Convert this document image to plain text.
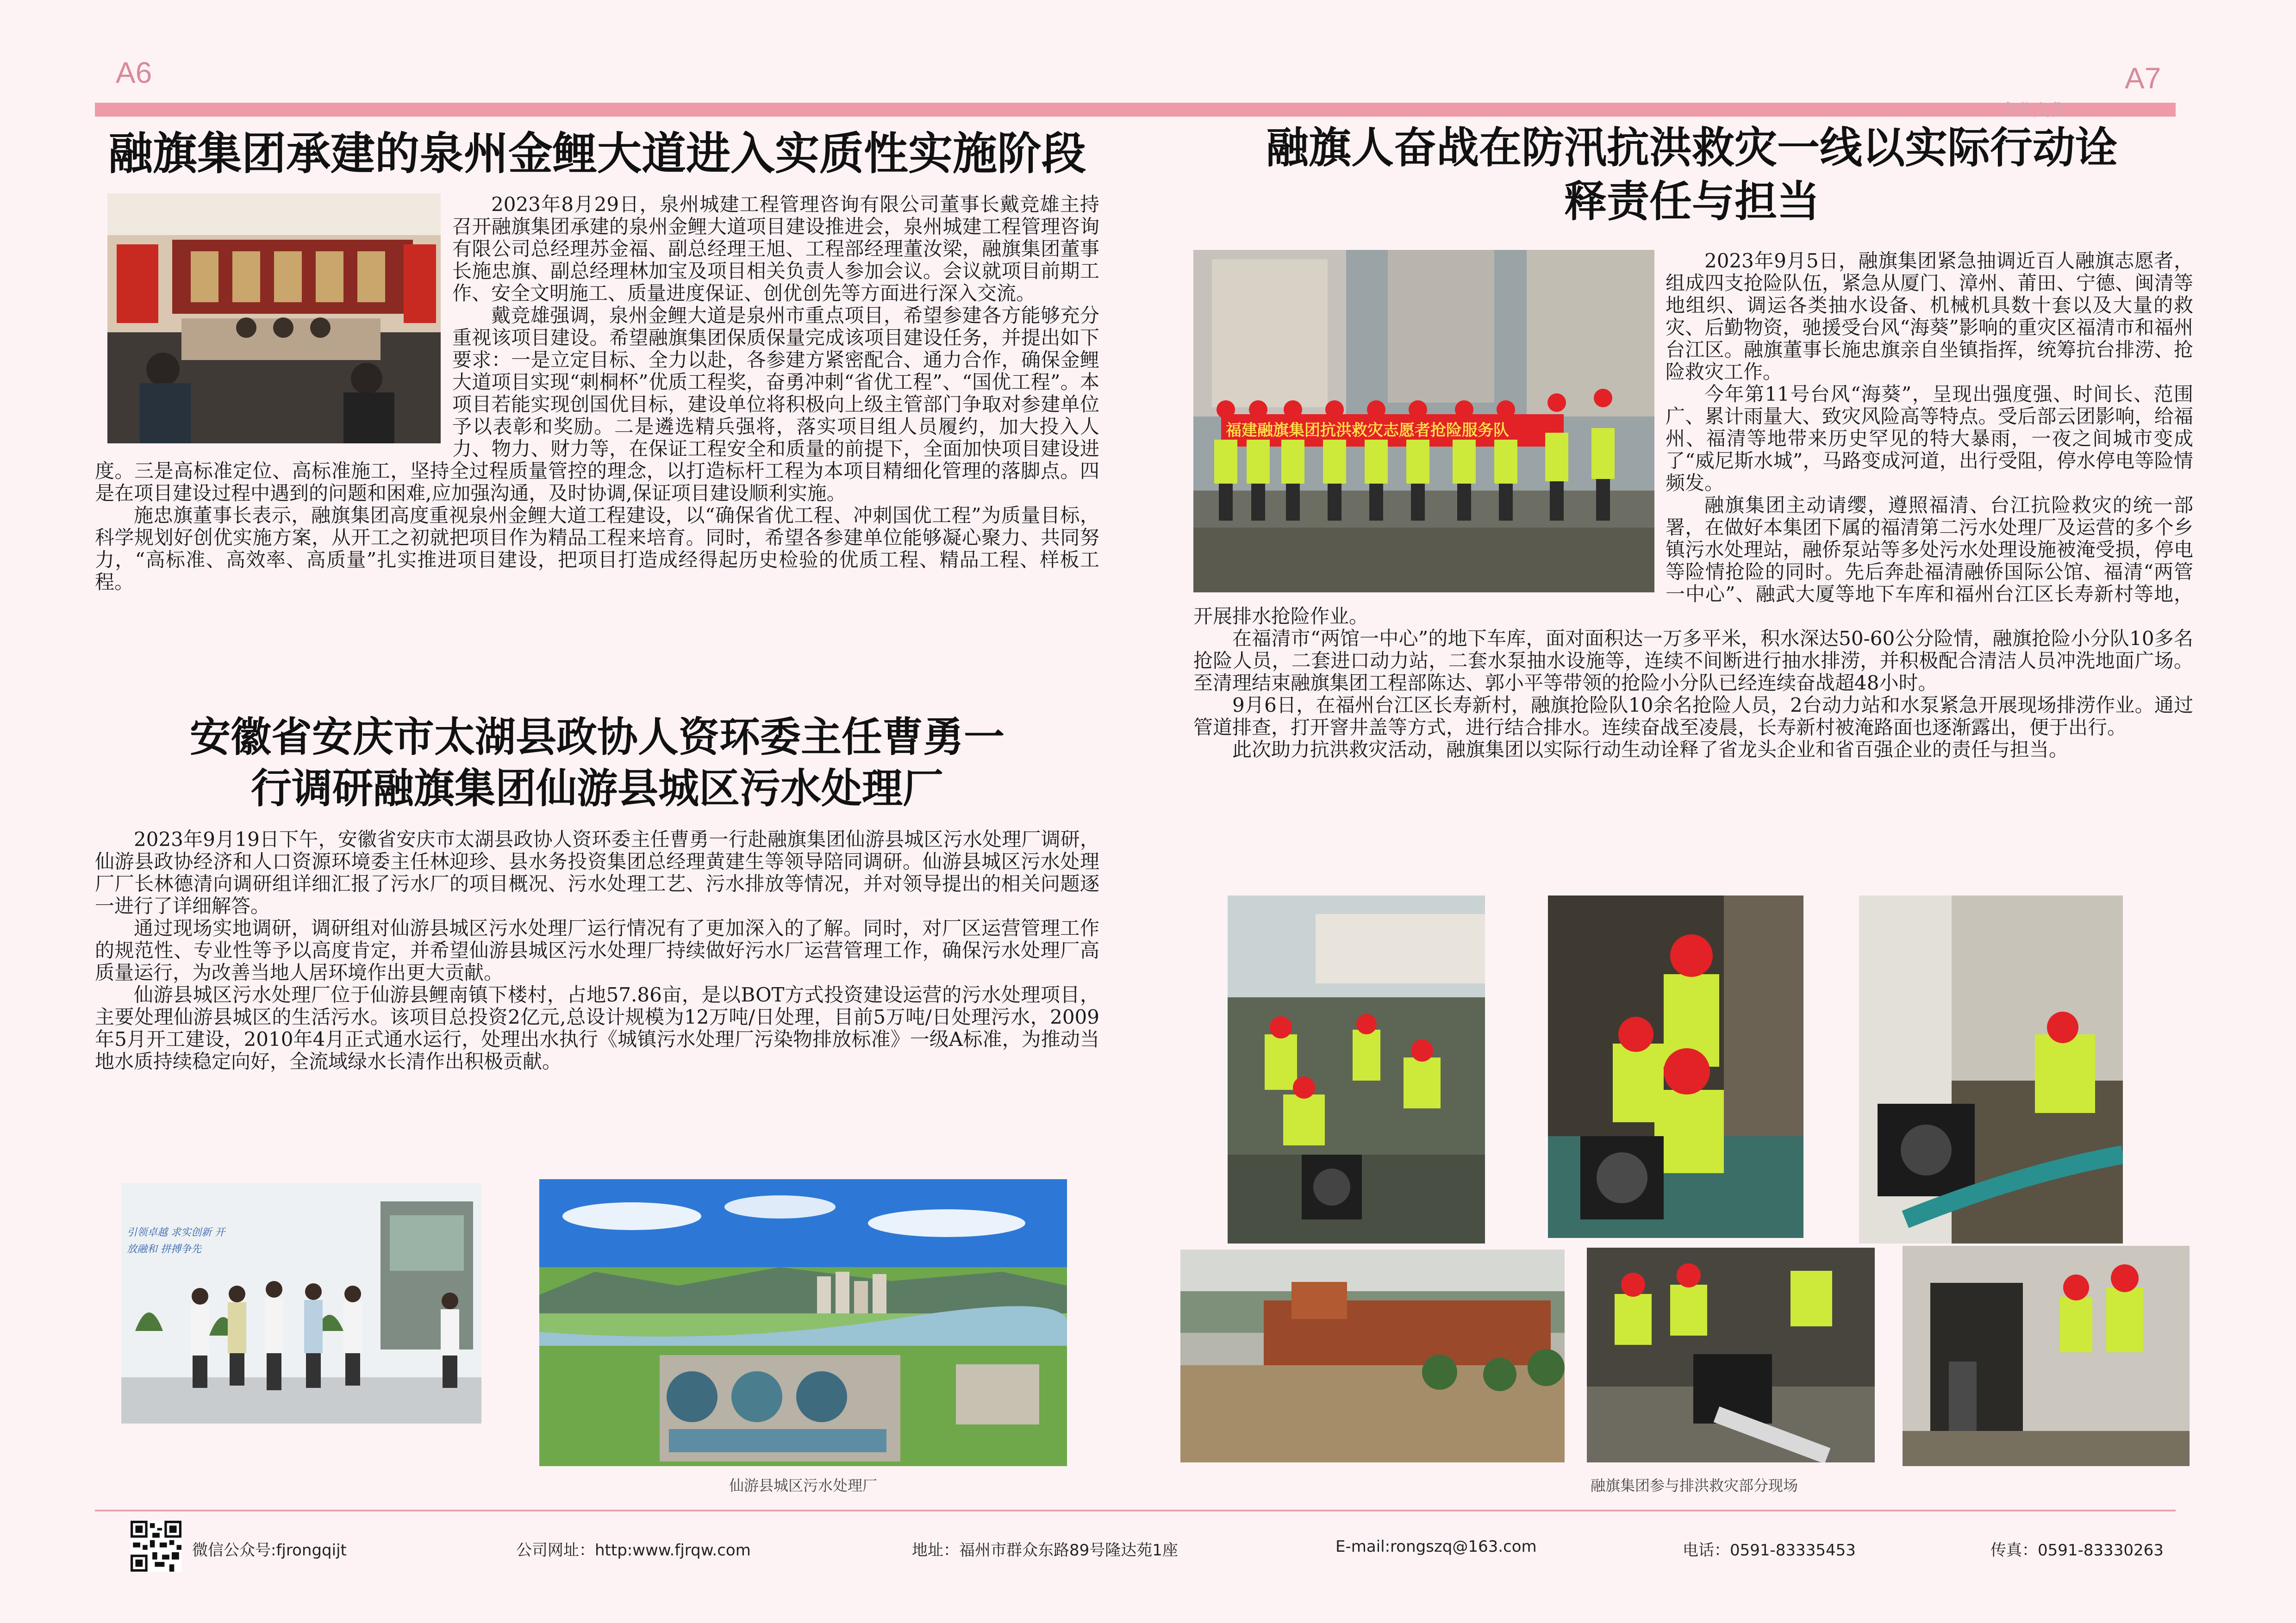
A6	A7
企业文化
融旗集团承建的泉州金鲤大道进入实质性实施阶段

2023年8月29日，泉州城建工程管理咨询有限公司董事长戴竞雄主持召开融旗集团承建的泉州金鲤大道项目建设推进会，泉州城建工程管理咨询有限公司总经理苏金福、副总经理王旭、工程部经理董汝梁，融旗集团董事长施忠旗、副总经理林加宝及项目相关负责人参加会议。会议就项目前期工作、安全文明施工、质量进度保证、创优创先等方面进行深入交流。

戴竞雄强调，泉州金鲤大道是泉州市重点项目，希望参建各方能够充分重视该项目建设。希望融旗集团保质保量完成该项目建设任务，并提出如下要求：一是立定目标、全力以赴，各参建方紧密配合、通力合作，确保金鲤大道项目实现“刺桐杯”优质工程奖，奋勇冲刺“省优工程”、“国优工程”。本项目若能实现创国优目标，建设单位将积极向上级主管部门争取对参建单位予以表彰和奖励。二是遴选精兵强将，落实项目组人员履约，加大投入人力、物力、财力等，在保证工程安全和质量的前提下，全面加快项目建设进度。三是高标准定位、高标准施工，坚持全过程质量管控的理念，以打造标杆工程为本项目精细化管理的落脚点。四是在项目建设过程中遇到的问题和困难,应加强沟通，及时协调,保证项目建设顺利实施。

施忠旗董事长表示，融旗集团高度重视泉州金鲤大道工程建设，以“确保省优工程、冲刺国优工程”为质量目标，科学规划好创优实施方案，从开工之初就把项目作为精品工程来培育。同时，希望各参建单位能够凝心聚力、共同努力，“高标准、高效率、高质量”扎实推进项目建设，把项目打造成经得起历史检验的优质工程、精品工程、样板工程。

安徽省安庆市太湖县政协人资环委主任曹勇一
行调研融旗集团仙游县城区污水处理厂

2023年9月19日下午，安徽省安庆市太湖县政协人资环委主任曹勇一行赴融旗集团仙游县城区污水处理厂调研，仙游县政协经济和人口资源环境委主任林迎珍、县水务投资集团总经理黄建生等领导陪同调研。仙游县城区污水处理厂厂长林德清向调研组详细汇报了污水厂的项目概况、污水处理工艺、污水排放等情况，并对领导提出的相关问题逐一进行了详细解答。

通过现场实地调研，调研组对仙游县城区污水处理厂运行情况有了更加深入的了解。同时，对厂区运营管理工作的规范性、专业性等予以高度肯定，并希望仙游县城区污水处理厂持续做好污水厂运营管理工作，确保污水处理厂高质量运行，为改善当地人居环境作出更大贡献。

仙游县城区污水处理厂位于仙游县鲤南镇下楼村，占地57.86亩，是以BOT方式投资建设运营的污水处理项目，主要处理仙游县城区的生活污水。该项目总投资2亿元,总设计规模为12万吨/日处理，目前5万吨/日处理污水，2009年5月开工建设，2010年4月正式通水运行，处理出水执行《城镇污水处理厂污染物排放标准》一级A标准，为推动当地水质持续稳定向好，全流域绿水长清作出积极贡献。

引领卓越 求实创新 开放融和 拼搏争先
仙游县城区污水处理厂
融旗人奋战在防汛抗洪救灾一线以实际行动诠
释责任与担当
福建融旗集团抗洪救灾志愿者抢险服务队

2023年9月5日，融旗集团紧急抽调近百人融旗志愿者，组成四支抢险队伍，紧急从厦门、漳州、莆田、宁德、闽清等地组织、调运各类抽水设备、机械机具数十套以及大量的救灾、后勤物资，驰援受台风“海葵”影响的重灾区福清市和福州台江区。融旗董事长施忠旗亲自坐镇指挥，统筹抗台排涝、抢险救灾工作。

今年第11号台风“海葵”，呈现出强度强、时间长、范围广、累计雨量大、致灾风险高等特点。受后部云团影响，给福州、福清等地带来历史罕见的特大暴雨，一夜之间城市变成了“威尼斯水城”，马路变成河道，出行受阻，停水停电等险情频发。

融旗集团主动请缨，遵照福清、台江抗险救灾的统一部署，在做好本集团下属的福清第二污水处理厂及运营的多个乡镇污水处理站，融侨泵站等多处污水处理设施被淹受损，停电等险情抢险的同时。先后奔赴福清融侨国际公馆、福清“两管一中心”、融武大厦等地下车库和福州台江区长寿新村等地，开展排水抢险作业。

在福清市“两馆一中心”的地下车库，面对面积达一万多平米，积水深达50-60公分险情，融旗抢险小分队10多名抢险人员，二套进口动力站，二套水泵抽水设施等，连续不间断进行抽水排涝，并积极配合清洁人员冲洗地面广场。至清理结束融旗集团工程部陈达、郭小平等带领的抢险小分队已经连续奋战超48小时。

9月6日，在福州台江区长寿新村，融旗抢险队10余名抢险人员，2台动力站和水泵紧急开展现场排涝作业。通过管道排查，打开窨井盖等方式，进行结合排水。连续奋战至凌晨，长寿新村被淹路面也逐渐露出，便于出行。

此次助力抗洪救灾活动，融旗集团以实际行动生动诠释了省龙头企业和省百强企业的责任与担当。

融旗集团参与排洪救灾部分现场
微信公众号:fjrongqijt	公司网址：http:www.fjrqw.com	地址：福州市群众东路89号隆达苑1座	E-mail:rongszq@163.com	电话：0591-83335453	传真：0591-83330263
